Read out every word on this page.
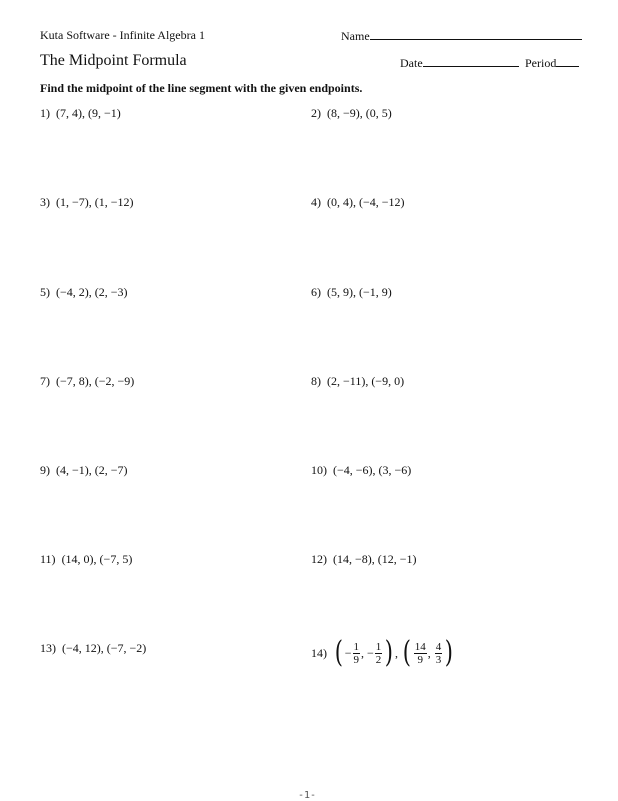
Kuta Software - Infinite Algebra 1	Name
The Midpoint Formula	Date	Period
Find the midpoint of the line segment with the given endpoints.
1) (7, 4), (9, −1)	2) (8, −9), (0, 5)
3) (1, −7), (1, −12)	4) (0, 4), (−4, −12)
5) (−4, 2), (2, −3)	6) (5, 9), (−1, 9)
7) (−7, 8), (−2, −9)	8) (2, −11), (−9, 0)
9) (4, −1), (2, −7)	10) (−4, −6), (3, −6)
11) (14, 0), (−7, 5)	12) (14, −8), (12, −1)
13) (−4, 12), (−7, −2)	14) ( − $\frac{1}{9}$ , − $\frac{1}{2}$ ) , ( $\frac{14}{9}$ , $\frac{4}{3}$ )
-1-
